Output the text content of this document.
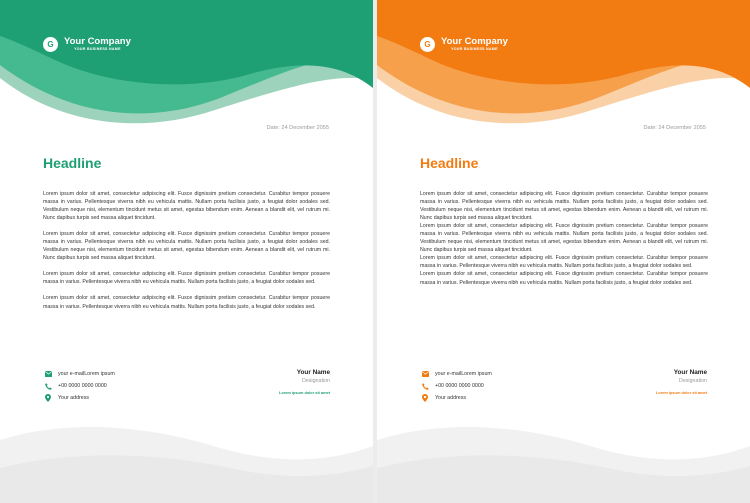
G Your Company
YOUR BUSINESS NAME
Date: 24 December 2055
Headline

Lorem ipsum dolor sit amet, consectetur adipiscing elit. Fusce dignissim pretium consectetur. Curabitur tempor posuere massa in varius. Pellentesque viverra nibh eu vehicula mattis. Nullam porta facilisis justo, a feugiat dolor sodales sed. Vestibulum neque nisi, elementum tincidunt metus sit amet, egestas bibendum enim. Aenean a blandit elit, vel rutrum mi. Nunc dapibus turpis sed massa aliquet tincidunt.

Lorem ipsum dolor sit amet, consectetur adipiscing elit. Fusce dignissim pretium consectetur. Curabitur tempor posuere massa in varius. Pellentesque viverra nibh eu vehicula mattis. Nullam porta facilisis justo, a feugiat dolor sodales sed. Vestibulum neque nisi, elementum tincidunt metus sit amet, egestas bibendum enim. Aenean a blandit elit, vel rutrum mi. Nunc dapibus turpis sed massa aliquet tincidunt.

Lorem ipsum dolor sit amet, consectetur adipiscing elit. Fusce dignissim pretium consectetur. Curabitur tempor posuere massa in varius. Pellentesque viverra nibh eu vehicula mattis. Nullam porta facilisis justo, a feugiat dolor sodales sed.

Lorem ipsum dolor sit amet, consectetur adipiscing elit. Fusce dignissim pretium consectetur. Curabitur tempor posuere massa in varius. Pellentesque viverra nibh eu vehicula mattis. Nullam porta facilisis justo, a feugiat dolor sodales sed.

your e-mailLorem ipsum
+00 0000 0000 0000
Your address
Your Name
Designation
Lorem ipsum dolor sit amet
G Your Company
YOUR BUSINESS NAME
Date: 24 December 2055
Headline

Lorem ipsum dolor sit amet, consectetur adipiscing elit. Fusce dignissim pretium consectetur. Curabitur tempor posuere massa in varius. Pellentesque viverra nibh eu vehicula mattis. Nullam porta facilisis justo, a feugiat dolor sodales sed. Vestibulum neque nisi, elementum tincidunt metus sit amet, egestas bibendum enim. Aenean a blandit elit, vel rutrum mi. Nunc dapibus turpis sed massa aliquet tincidunt.

Lorem ipsum dolor sit amet, consectetur adipiscing elit. Fusce dignissim pretium consectetur. Curabitur tempor posuere massa in varius. Pellentesque viverra nibh eu vehicula mattis. Nullam porta facilisis justo, a feugiat dolor sodales sed. Vestibulum neque nisi, elementum tincidunt metus sit amet, egestas bibendum enim. Aenean a blandit elit, vel rutrum mi. Nunc dapibus turpis sed massa aliquet tincidunt.

Lorem ipsum dolor sit amet, consectetur adipiscing elit. Fusce dignissim pretium consectetur. Curabitur tempor posuere massa in varius. Pellentesque viverra nibh eu vehicula mattis. Nullam porta facilisis justo, a feugiat dolor sodales sed.

Lorem ipsum dolor sit amet, consectetur adipiscing elit. Fusce dignissim pretium consectetur. Curabitur tempor posuere massa in varius. Pellentesque viverra nibh eu vehicula mattis. Nullam porta facilisis justo, a feugiat dolor sodales sed.

your e-mailLorem ipsum
+00 0000 0000 0000
Your address
Your Name
Designation
Lorem ipsum dolor sit amet
